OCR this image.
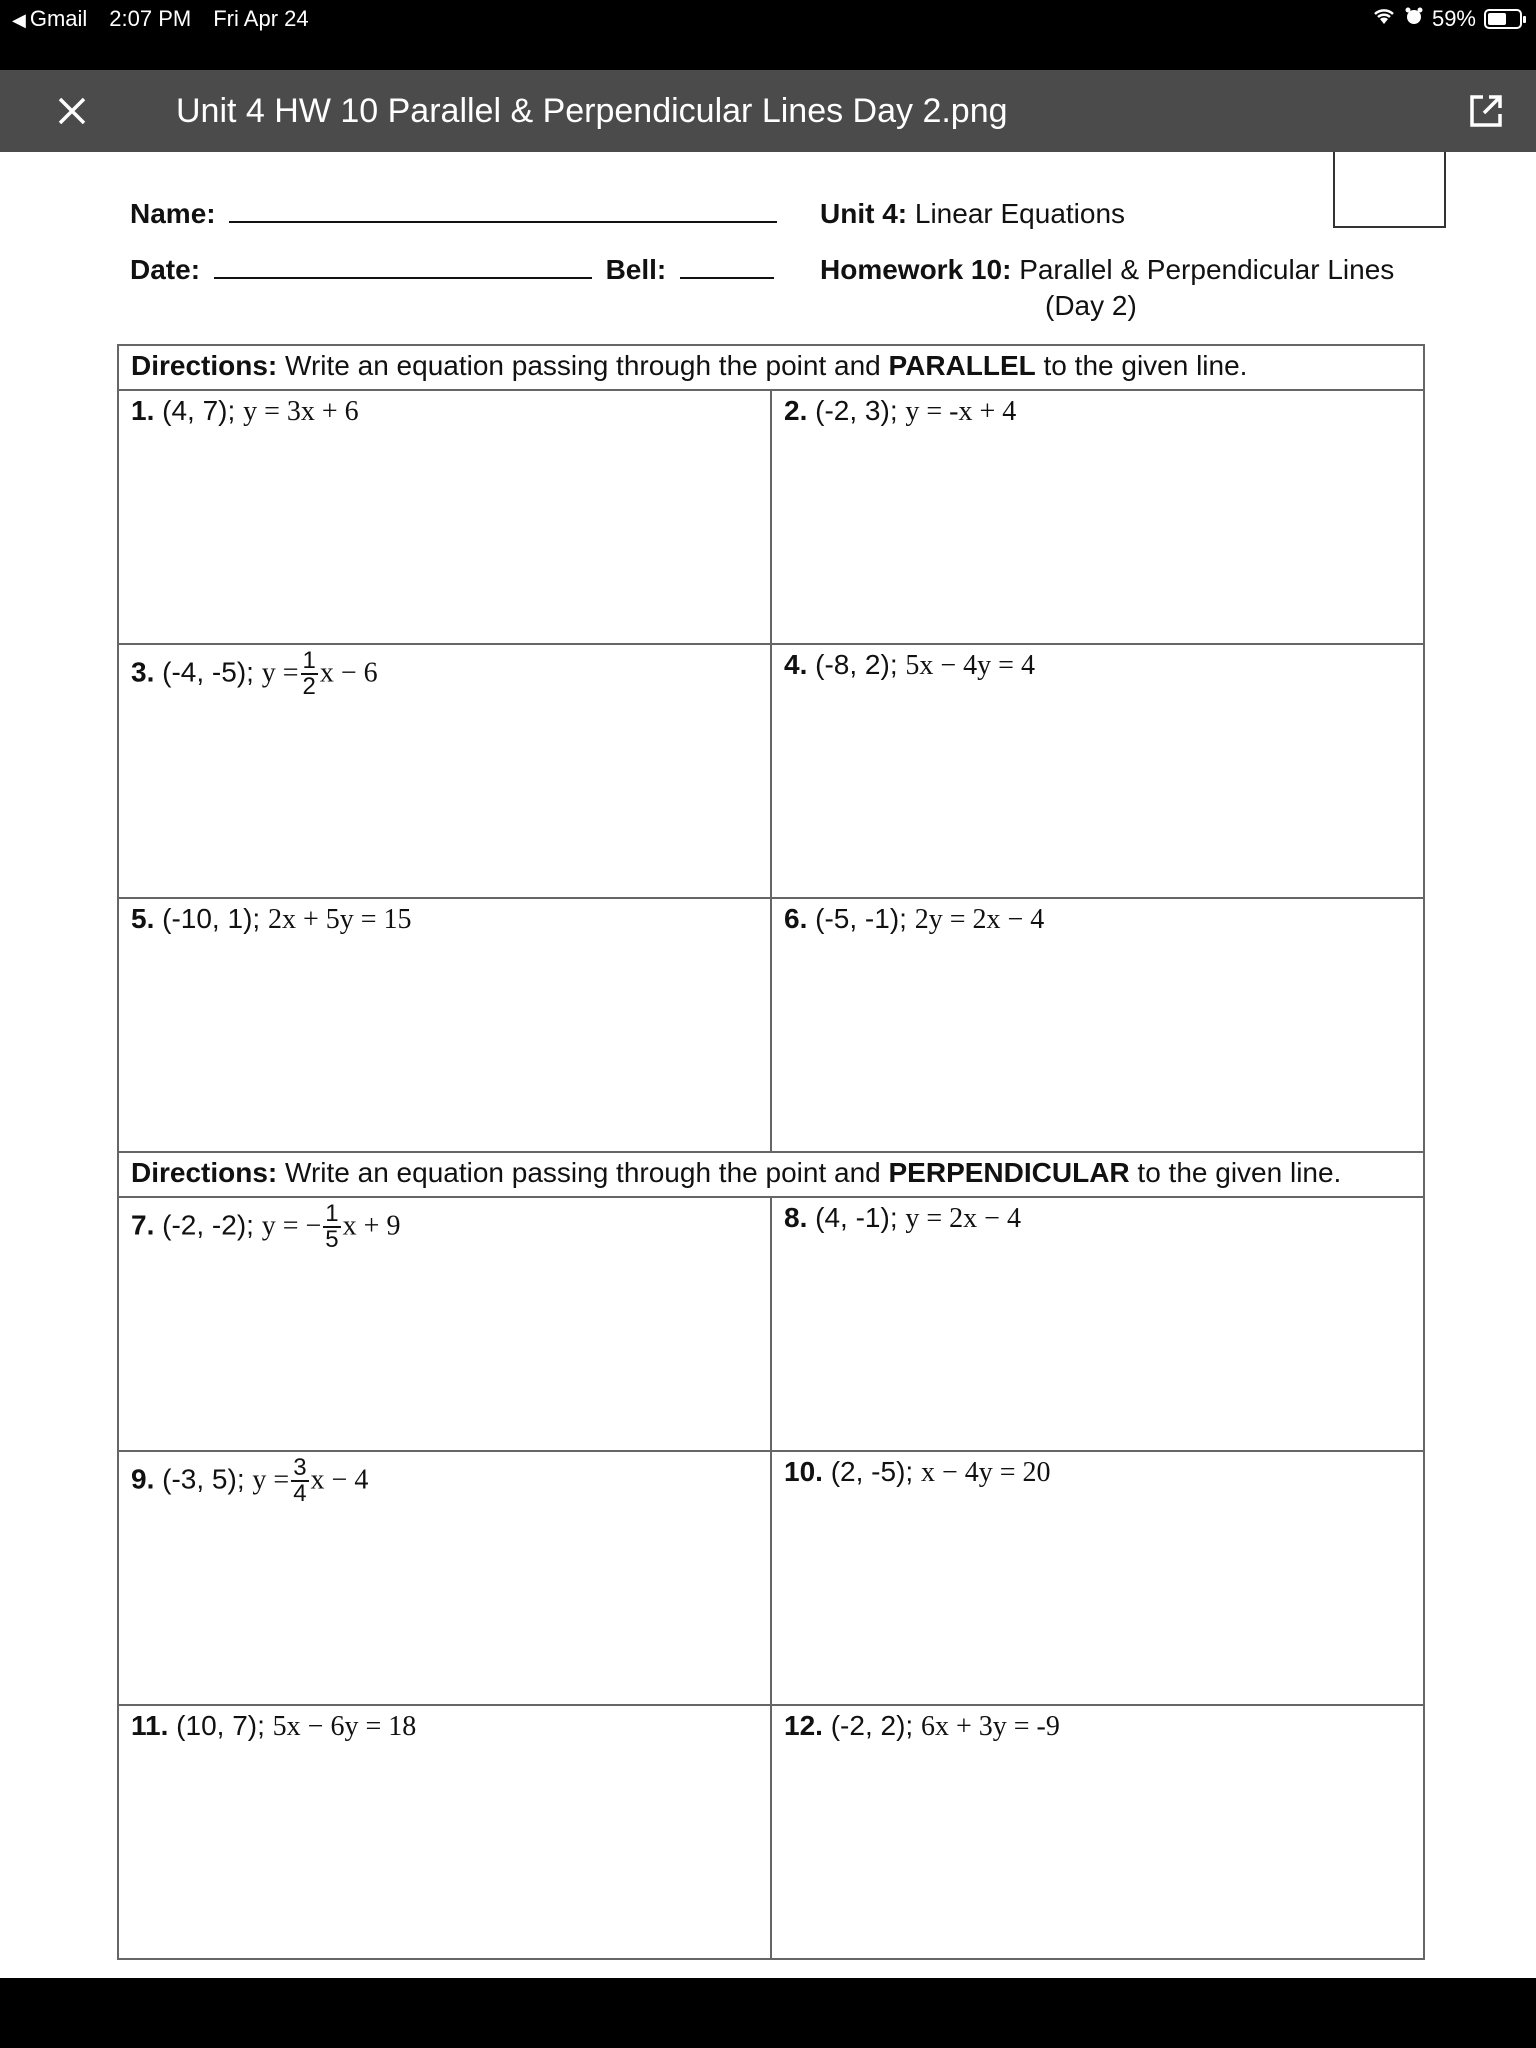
◀ Gmail 2:07 PM Fri Apr 24	59%
Unit 4 HW 10 Parallel & Perpendicular Lines Day 2.png
Name:
Date:	Bell:
Unit 4: Linear Equations
Homework 10: Parallel & Perpendicular Lines
(Day 2)
Directions: Write an equation passing through the point and PARALLEL to the given line.	
1. (4, 7); y = 3x + 6	2. (-2, 3); y = -x + 4
3. (-4, -5); $y = \frac{1}{2}$ x − 6	4. (-8, 2); 5x − 4y = 4
5. (-10, 1); 2x + 5y = 15	6. (-5, -1); 2y = 2x − 4
Directions: Write an equation passing through the point and PERPENDICULAR to the given line.	
7. (-2, -2); y = − $\frac{1}{5}$ x + 9	8. (4, -1); y = 2x − 4
9. (-3, 5); $y = \frac{3}{4}$ x − 4	10. (2, -5); x − 4y = 20
11. (10, 7); 5x − 6y = 18	12. (-2, 2); 6x + 3y = -9
